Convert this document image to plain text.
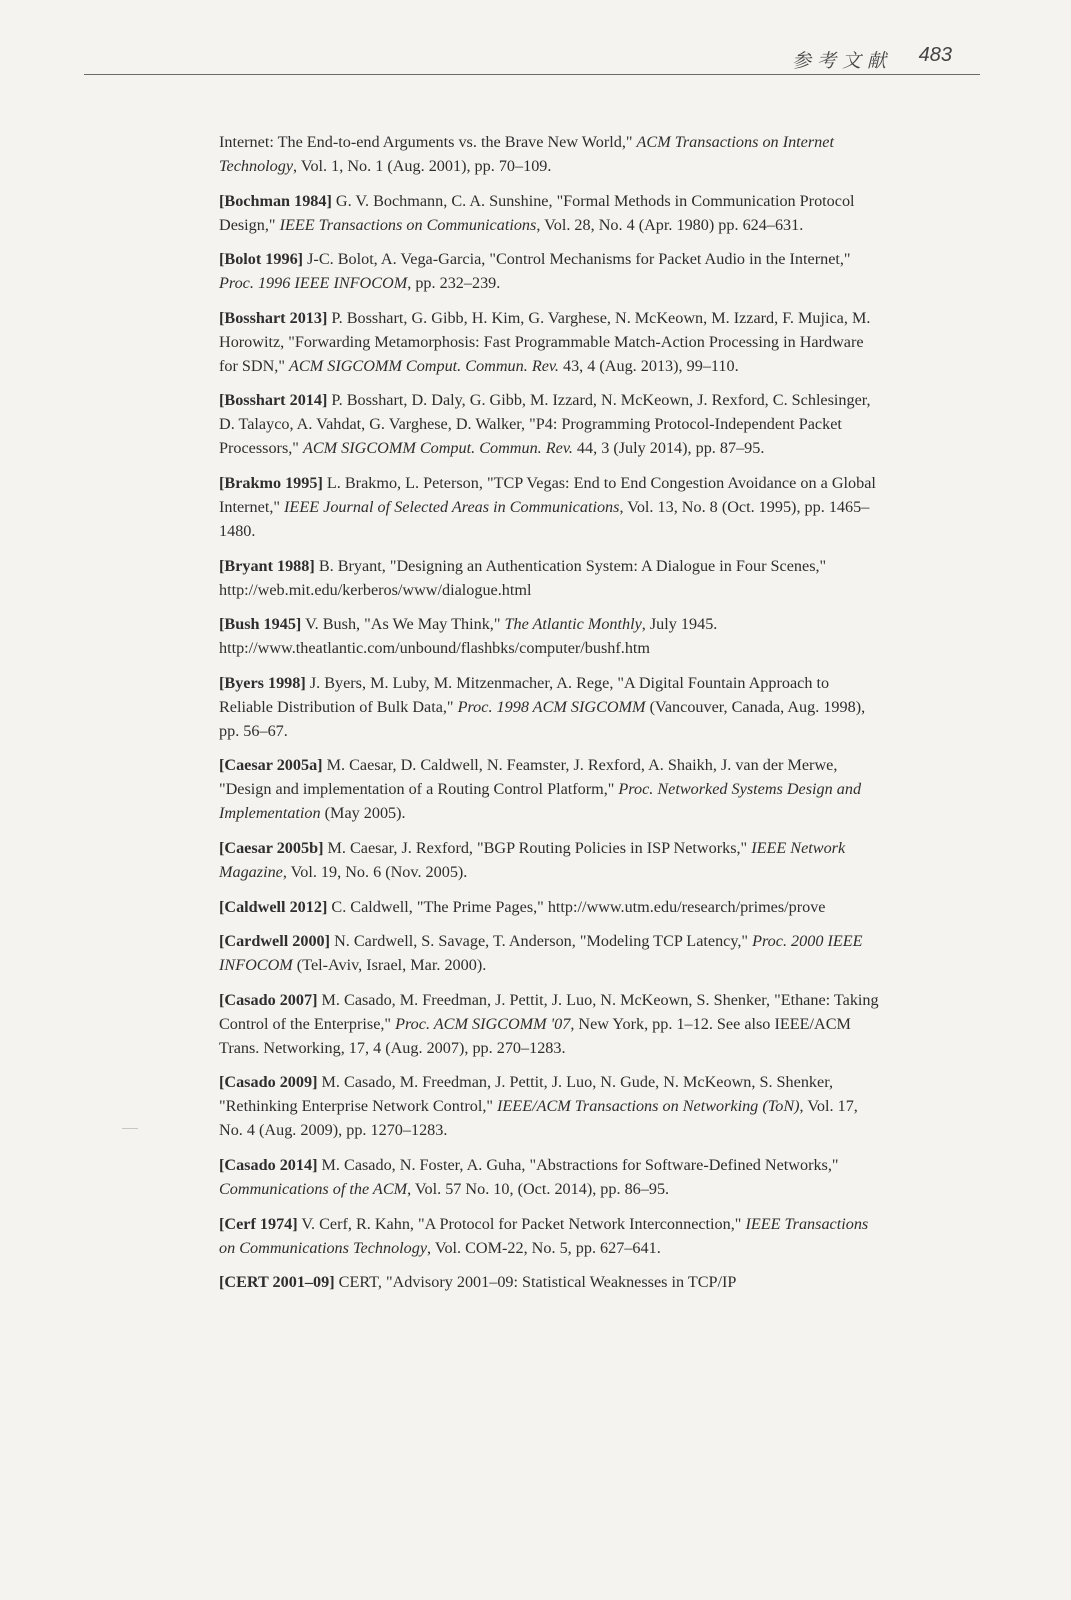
参考文献 483

Internet: The End-to-end Arguments vs. the Brave New World," ACM Transactions on Internet Technology, Vol. 1, No. 1 (Aug. 2001), pp. 70–109.

[Bochman 1984] G. V. Bochmann, C. A. Sunshine, "Formal Methods in Communication Protocol Design," IEEE Transactions on Communications, Vol. 28, No. 4 (Apr. 1980) pp. 624–631.

[Bolot 1996] J-C. Bolot, A. Vega-Garcia, "Control Mechanisms for Packet Audio in the Internet," Proc. 1996 IEEE INFOCOM, pp. 232–239.

[Bosshart 2013] P. Bosshart, G. Gibb, H. Kim, G. Varghese, N. McKeown, M. Izzard, F. Mujica, M. Horowitz, "Forwarding Metamorphosis: Fast Programmable Match-Action Processing in Hardware for SDN," ACM SIGCOMM Comput. Commun. Rev. 43, 4 (Aug. 2013), 99–110.

[Bosshart 2014] P. Bosshart, D. Daly, G. Gibb, M. Izzard, N. McKeown, J. Rexford, C. Schlesinger, D. Talayco, A. Vahdat, G. Varghese, D. Walker, "P4: Programming Protocol-Independent Packet Processors," ACM SIGCOMM Comput. Commun. Rev. 44, 3 (July 2014), pp. 87–95.

[Brakmo 1995] L. Brakmo, L. Peterson, "TCP Vegas: End to End Congestion Avoidance on a Global Internet," IEEE Journal of Selected Areas in Communications, Vol. 13, No. 8 (Oct. 1995), pp. 1465–1480.

[Bryant 1988] B. Bryant, "Designing an Authentication System: A Dialogue in Four Scenes," http://web.mit.edu/kerberos/www/dialogue.html

[Bush 1945] V. Bush, "As We May Think," The Atlantic Monthly, July 1945. http://www.theatlantic.com/unbound/flashbks/computer/bushf.htm

[Byers 1998] J. Byers, M. Luby, M. Mitzenmacher, A. Rege, "A Digital Fountain Approach to Reliable Distribution of Bulk Data," Proc. 1998 ACM SIGCOMM (Vancouver, Canada, Aug. 1998), pp. 56–67.

[Caesar 2005a] M. Caesar, D. Caldwell, N. Feamster, J. Rexford, A. Shaikh, J. van der Merwe, "Design and implementation of a Routing Control Platform," Proc. Networked Systems Design and Implementation (May 2005).

[Caesar 2005b] M. Caesar, J. Rexford, "BGP Routing Policies in ISP Networks," IEEE Network Magazine, Vol. 19, No. 6 (Nov. 2005).

[Caldwell 2012] C. Caldwell, "The Prime Pages," http://www.utm.edu/research/primes/prove

[Cardwell 2000] N. Cardwell, S. Savage, T. Anderson, "Modeling TCP Latency," Proc. 2000 IEEE INFOCOM (Tel-Aviv, Israel, Mar. 2000).

[Casado 2007] M. Casado, M. Freedman, J. Pettit, J. Luo, N. McKeown, S. Shenker, "Ethane: Taking Control of the Enterprise," Proc. ACM SIGCOMM '07, New York, pp. 1–12. See also IEEE/ACM Trans. Networking, 17, 4 (Aug. 2007), pp. 270–1283.

[Casado 2009] M. Casado, M. Freedman, J. Pettit, J. Luo, N. Gude, N. McKeown, S. Shenker, "Rethinking Enterprise Network Control," IEEE/ACM Transactions on Networking (ToN), Vol. 17, No. 4 (Aug. 2009), pp. 1270–1283.

[Casado 2014] M. Casado, N. Foster, A. Guha, "Abstractions for Software-Defined Networks," Communications of the ACM, Vol. 57 No. 10, (Oct. 2014), pp. 86–95.

[Cerf 1974] V. Cerf, R. Kahn, "A Protocol for Packet Network Interconnection," IEEE Transactions on Communications Technology, Vol. COM-22, No. 5, pp. 627–641.

[CERT 2001–09] CERT, "Advisory 2001–09: Statistical Weaknesses in TCP/IP
